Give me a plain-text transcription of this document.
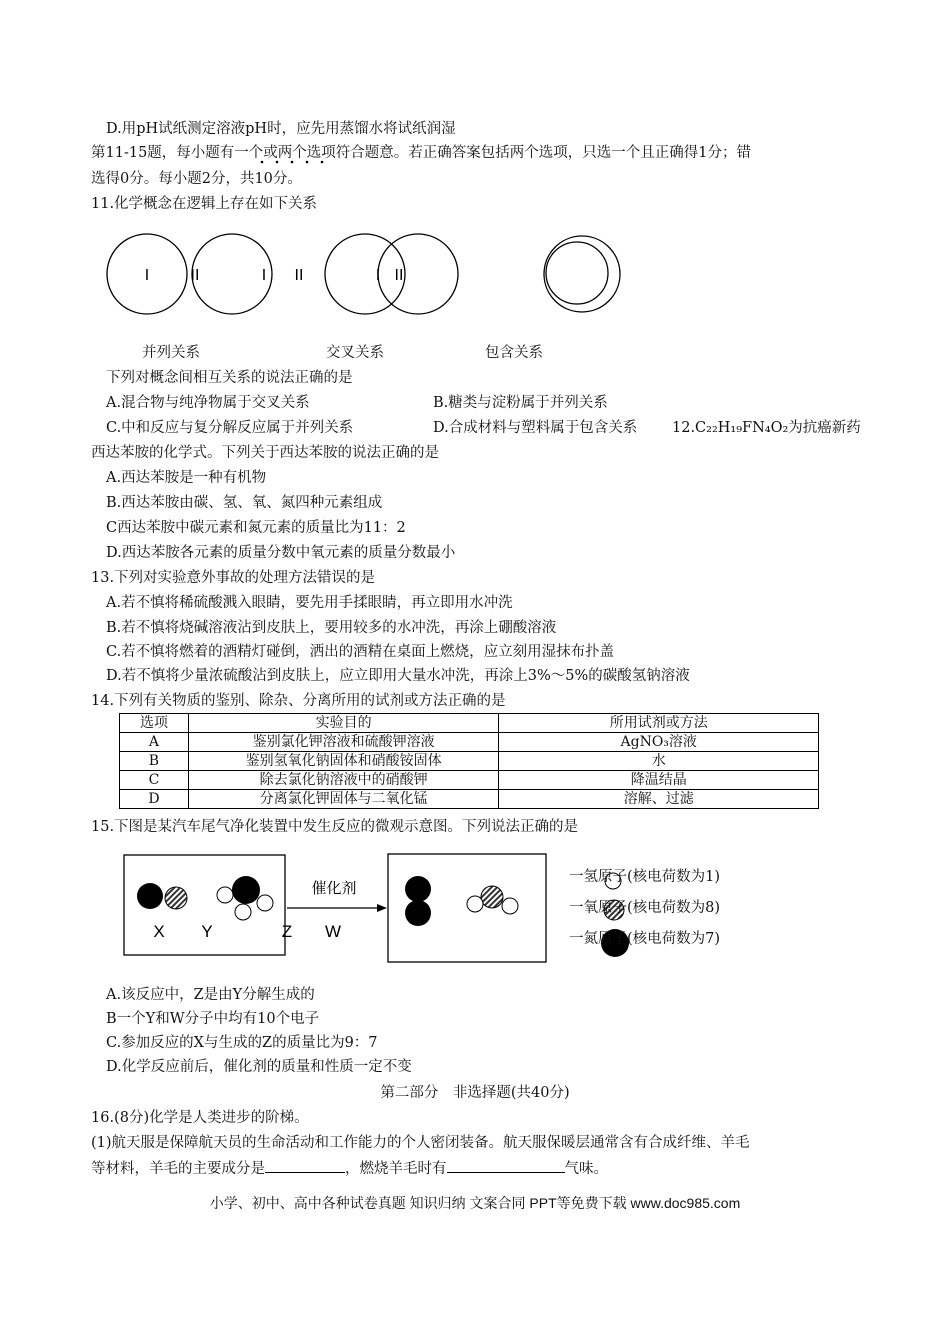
D.用pH试纸测定溶液pH时，应先用蒸馏水将试纸润湿
第11-15题，每小题有一个或两个选项符合题意。若正确答案包括两个选项，只选一个且正确得1分；错
选得0分。每小题2分，共10分。
11.化学概念在逻辑上存在如下关系
I	II	I II	I II
并列关系	交叉关系	包含关系
下列对概念间相互关系的说法正确的是
A.混合物与纯净物属于交叉关系	B.糖类与淀粉属于并列关系
C.中和反应与复分解反应属于并列关系	D.合成材料与塑料属于包含关系 12.C₂₂H₁₉FN₄O₂为抗癌新药
西达苯胺的化学式。下列关于西达苯胺的说法正确的是
A.西达苯胺是一种有机物
B.西达苯胺由碳、氢、氧、氮四种元素组成
C西达苯胺中碳元素和氮元素的质量比为11：2
D.西达苯胺各元素的质量分数中氧元素的质量分数最小
13.下列对实验意外事故的处理方法错误的是
A.若不慎将稀硫酸溅入眼睛，要先用手揉眼睛，再立即用水冲洗
B.若不慎将烧碱溶液沾到皮肤上，要用较多的水冲洗，再涂上硼酸溶液
C.若不慎将燃着的酒精灯碰倒，洒出的酒精在桌面上燃烧，应立刻用湿抹布扑盖
D.若不慎将少量浓硫酸沾到皮肤上，应立即用大量水冲洗，再涂上3%～5%的碳酸氢钠溶液
14.下列有关物质的鉴别、除杂、分离所用的试剂或方法正确的是
选项	实验目的	所用试剂或方法
A	鉴别氯化钾溶液和硫酸钾溶液	AgNO₃溶液
B	鉴别氢氧化钠固体和硝酸铵固体	水
C	除去氯化钠溶液中的硝酸钾	降温结晶
D	分离氯化钾固体与二氧化锰	溶解、过滤
15.下图是某汽车尾气净化装置中发生反应的微观示意图。下列说法正确的是
X Y	Z W
催化剂
一氢原子(核电荷数为1)
一氧原子(核电荷数为8)
一氮原子(核电荷数为7)
A.该反应中，Z是由Y分解生成的
B一个Y和W分子中均有10个电子
C.参加反应的X与生成的Z的质量比为9：7
D.化学反应前后，催化剂的质量和性质一定不变
第二部分　非选择题(共40分)
16.(8分)化学是人类进步的阶梯。
(1)航天服是保障航天员的生命活动和工作能力的个人密闭装备。航天服保暖层通常含有合成纤维、羊毛
等材料，羊毛的主要成分是	，燃烧羊毛时有	气味。
小学、初中、高中各种试卷真题 知识归纳 文案合同 PPT等免费下载 www.doc985.com
